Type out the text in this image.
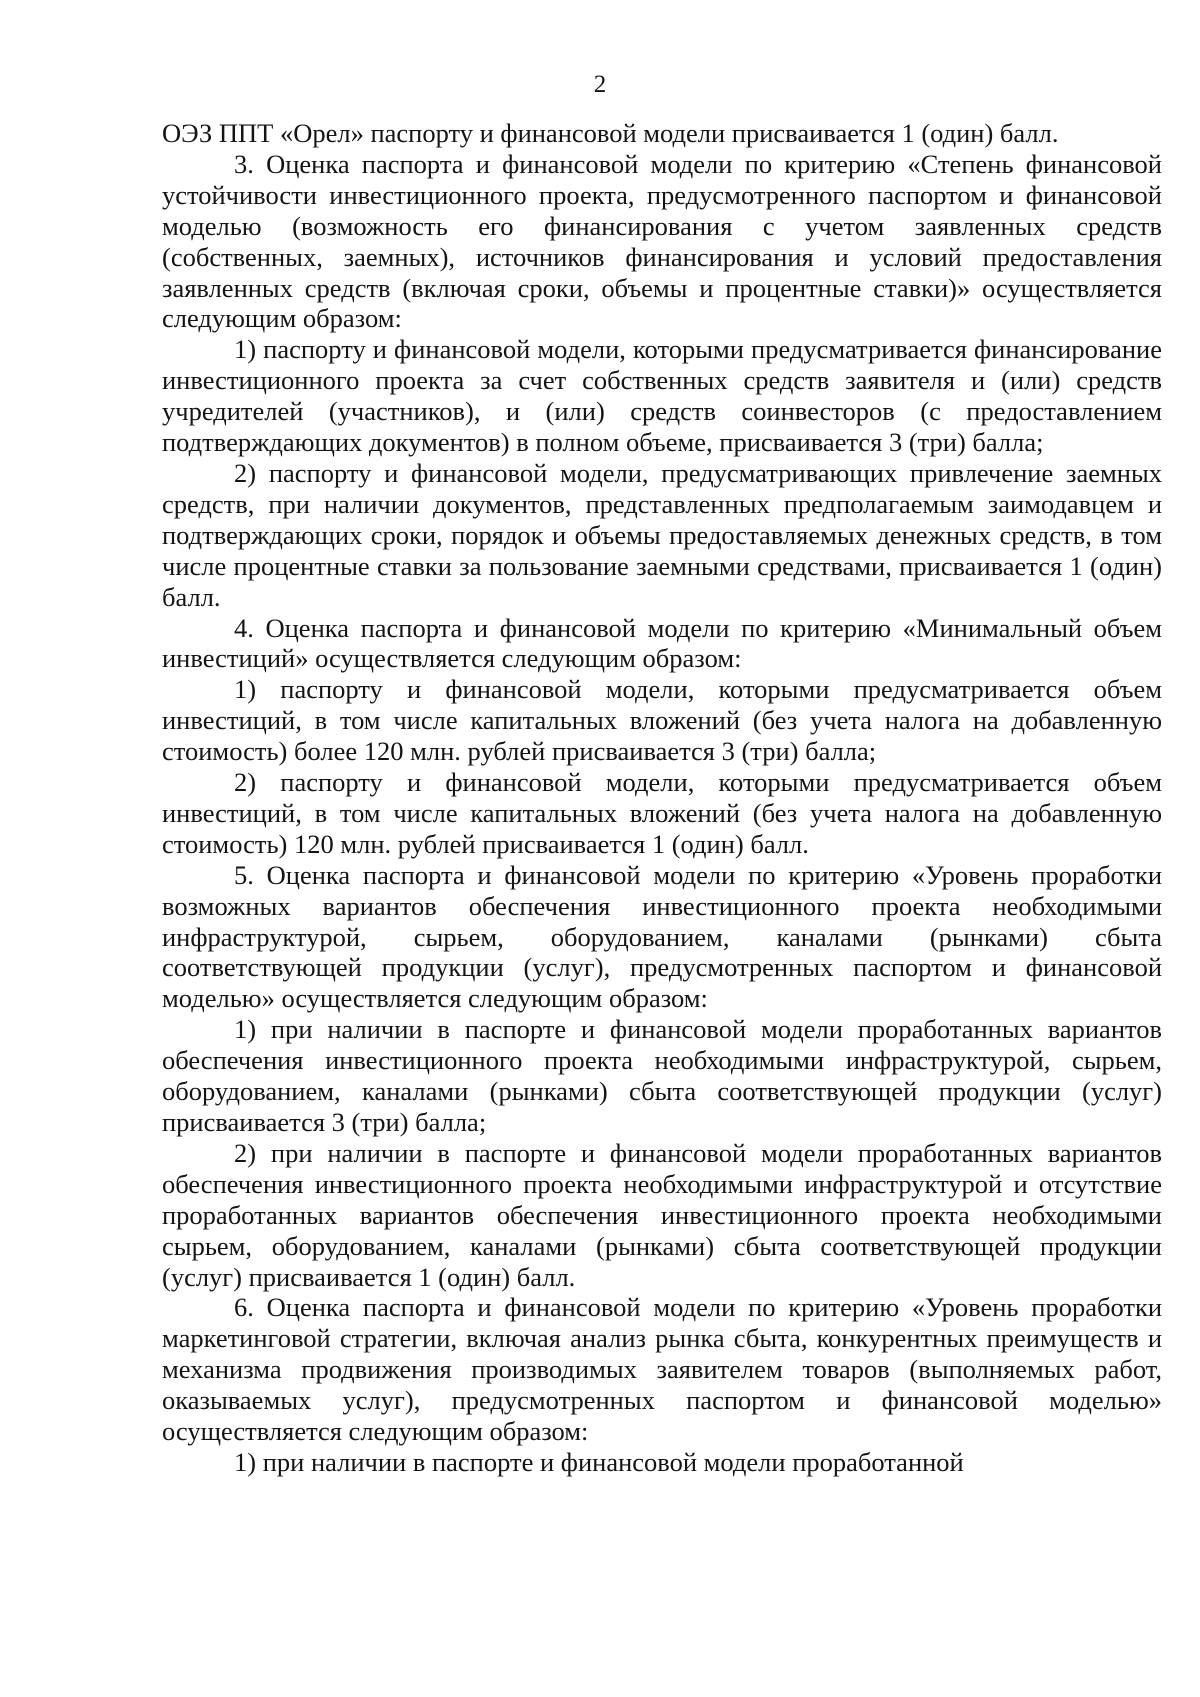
2

ОЭЗ ППТ «Орел» паспорту и финансовой модели присваивается 1 (один) балл.

3. Оценка паспорта и финансовой модели по критерию «Степень финансовой устойчивости инвестиционного проекта, предусмотренного паспортом и финансовой моделью (возможность его финансирования с учетом заявленных средств (собственных, заемных), источников финансирования и условий предоставления заявленных средств (включая сроки, объемы и процентные ставки)» осуществляется следующим образом:

1) паспорту и финансовой модели, которыми предусматривается финансирование инвестиционного проекта за счет собственных средств заявителя и (или) средств учредителей (участников), и (или) средств соинвесторов (с предоставлением подтверждающих документов) в полном объеме, присваивается 3 (три) балла;

2) паспорту и финансовой модели, предусматривающих привлечение заемных средств, при наличии документов, представленных предполагаемым заимодавцем и подтверждающих сроки, порядок и объемы предоставляемых денежных средств, в том числе процентные ставки за пользование заемными средствами, присваивается 1 (один) балл.

4. Оценка паспорта и финансовой модели по критерию «Минимальный объем инвестиций» осуществляется следующим образом:

1) паспорту и финансовой модели, которыми предусматривается объем инвестиций, в том числе капитальных вложений (без учета налога на добавленную стоимость) более 120 млн. рублей присваивается 3 (три) балла;

2) паспорту и финансовой модели, которыми предусматривается объем инвестиций, в том числе капитальных вложений (без учета налога на добавленную стоимость) 120 млн. рублей присваивается 1 (один) балл.

5. Оценка паспорта и финансовой модели по критерию «Уровень проработки возможных вариантов обеспечения инвестиционного проекта необходимыми инфраструктурой, сырьем, оборудованием, каналами (рынками) сбыта соответствующей продукции (услуг), предусмотренных паспортом и финансовой моделью» осуществляется следующим образом:

1) при наличии в паспорте и финансовой модели проработанных вариантов обеспечения инвестиционного проекта необходимыми инфраструктурой, сырьем, оборудованием, каналами (рынками) сбыта соответствующей продукции (услуг) присваивается 3 (три) балла;

2) при наличии в паспорте и финансовой модели проработанных вариантов обеспечения инвестиционного проекта необходимыми инфраструктурой и отсутствие проработанных вариантов обеспечения инвестиционного проекта необходимыми сырьем, оборудованием, каналами (рынками) сбыта соответствующей продукции (услуг) присваивается 1 (один) балл.

6. Оценка паспорта и финансовой модели по критерию «Уровень проработки маркетинговой стратегии, включая анализ рынка сбыта, конкурентных преимуществ и механизма продвижения производимых заявителем товаров (выполняемых работ, оказываемых услуг), предусмотренных паспортом и финансовой моделью» осуществляется следующим образом:

1) при наличии в паспорте и финансовой модели проработанной
